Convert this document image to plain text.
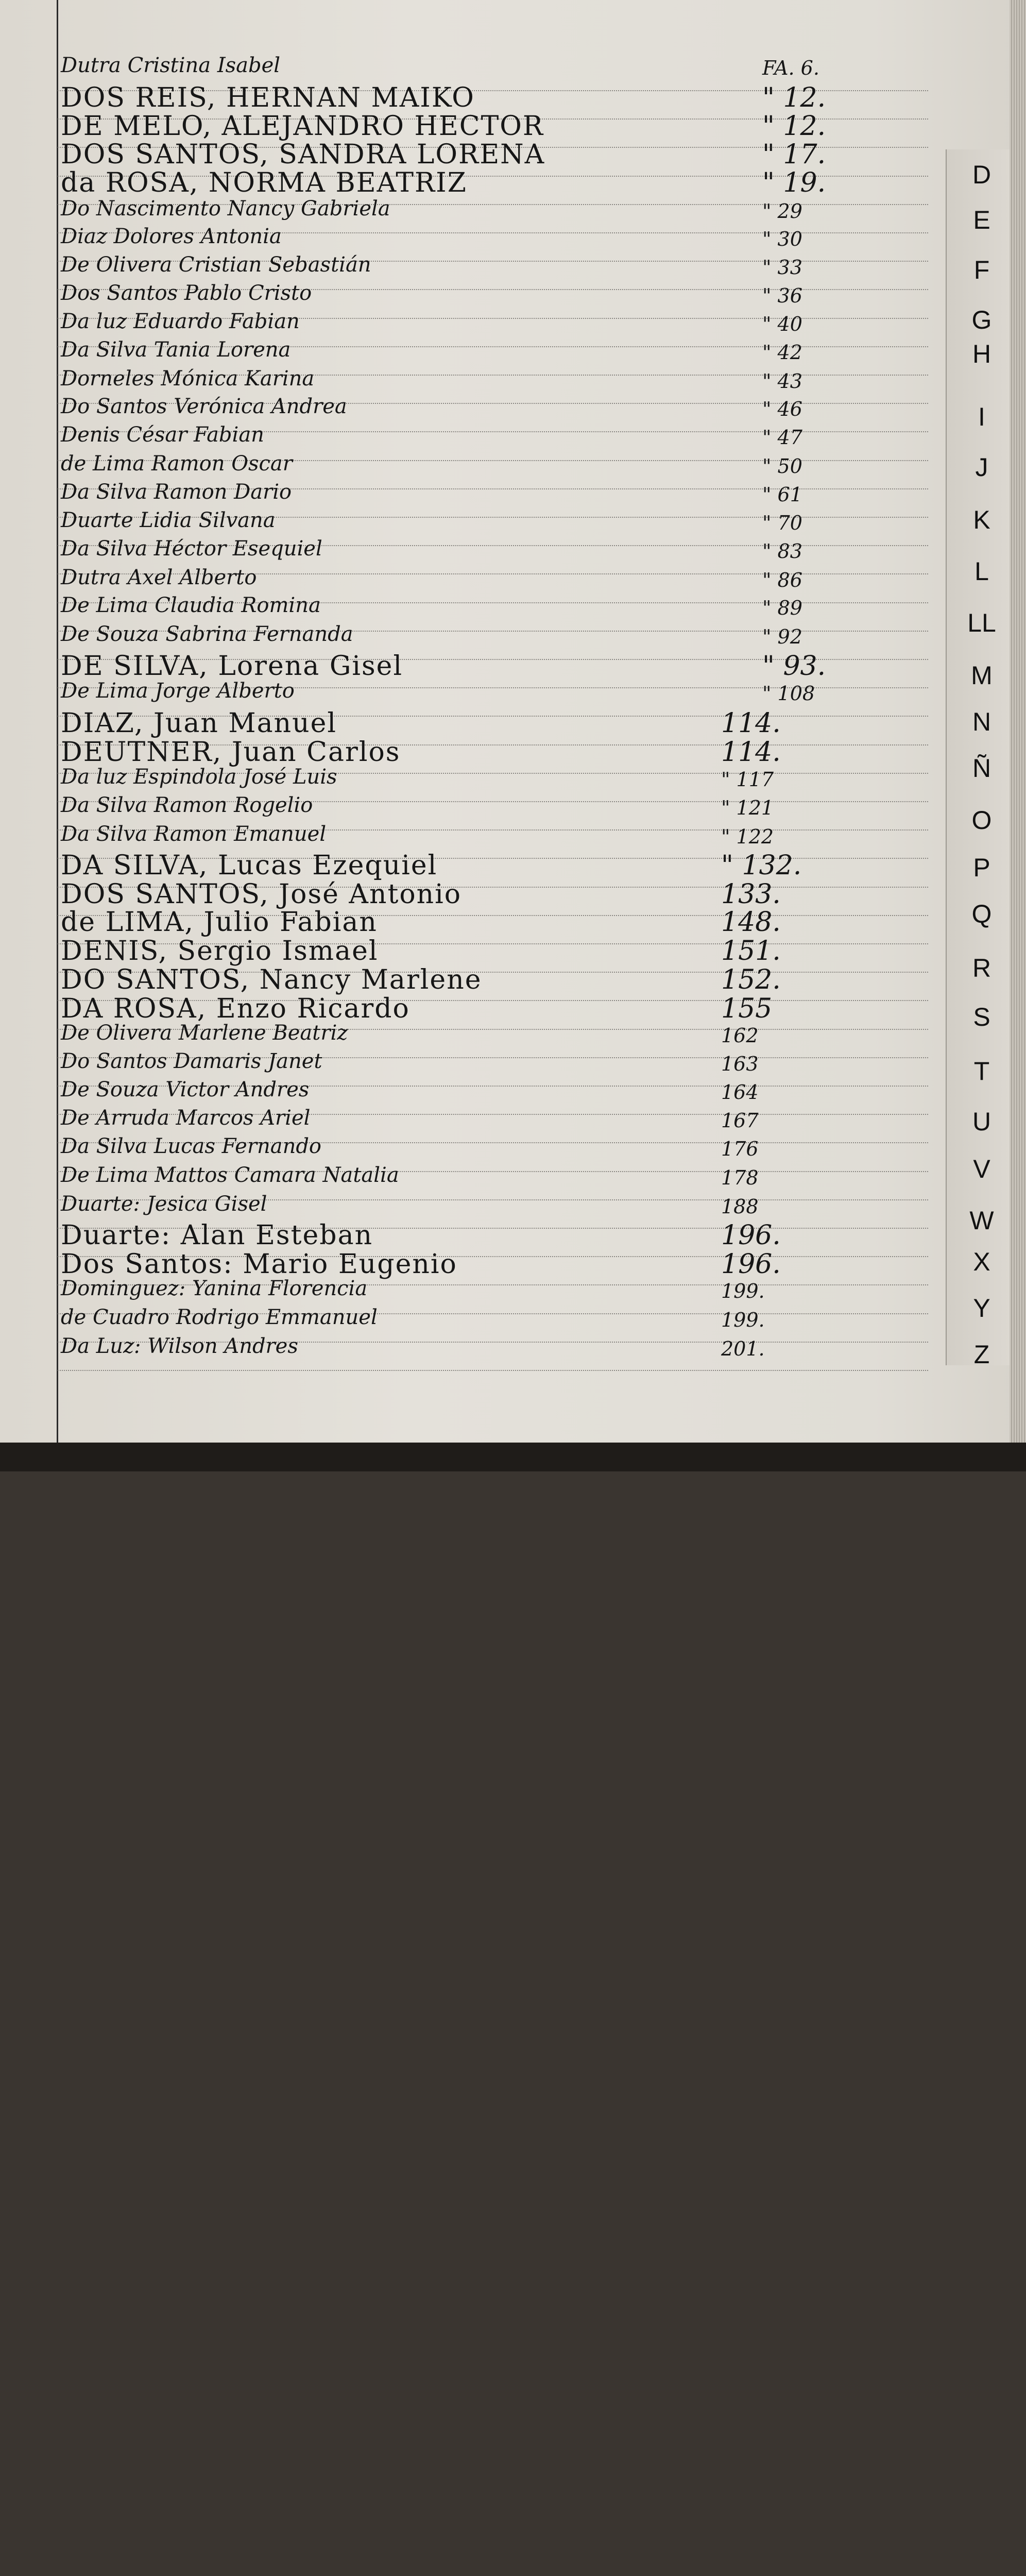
Dutra Cristina Isabel	FA. 6.
DOS REIS, HERNAN MAIKO	" 12.
DE MELO, ALEJANDRO HECTOR	" 12.
DOS SANTOS, SANDRA LORENA	" 17.
da ROSA, NORMA BEATRIZ	" 19.
Do Nascimento Nancy Gabriela	" 29
Diaz Dolores Antonia	" 30
De Olivera Cristian Sebastián	" 33
Dos Santos Pablo Cristo	" 36
Da luz Eduardo Fabian	" 40
Da Silva Tania Lorena	" 42
Dorneles Mónica Karina	" 43
Do Santos Verónica Andrea	" 46
Denis César Fabian	" 47
de Lima Ramon Oscar	" 50
Da Silva Ramon Dario	" 61
Duarte Lidia Silvana	" 70
Da Silva Héctor Esequiel	" 83
Dutra Axel Alberto	" 86
De Lima Claudia Romina	" 89
De Souza Sabrina Fernanda	" 92
DE SILVA, Lorena Gisel	" 93.
De Lima Jorge Alberto	" 108
DIAZ, Juan Manuel	114.
DEUTNER, Juan Carlos	114.
Da luz Espindola José Luis	" 117
Da Silva Ramon Rogelio	" 121
Da Silva Ramon Emanuel	" 122
DA SILVA, Lucas Ezequiel	" 132.
DOS SANTOS, José Antonio	133.
de LIMA, Julio Fabian	148.
DENIS, Sergio Ismael	151.
DO SANTOS, Nancy Marlene	152.
DA ROSA, Enzo Ricardo	155
De Olivera Marlene Beatriz	162
Do Santos Damaris Janet	163
De Souza Victor Andres	164
De Arruda Marcos Ariel	167
Da Silva Lucas Fernando	176
De Lima Mattos Camara Natalia	178
Duarte: Jesica Gisel	188
Duarte: Alan Esteban	196.
Dos Santos: Mario Eugenio	196.
Dominguez: Yanina Florencia	199.
de Cuadro Rodrigo Emmanuel	199.
Da Luz: Wilson Andres	201.
D
E
F
G
H
I
J
K
L
LL
M
N
Ñ
O
P
Q
R
S
T
U
V
W
X
Y
Z
